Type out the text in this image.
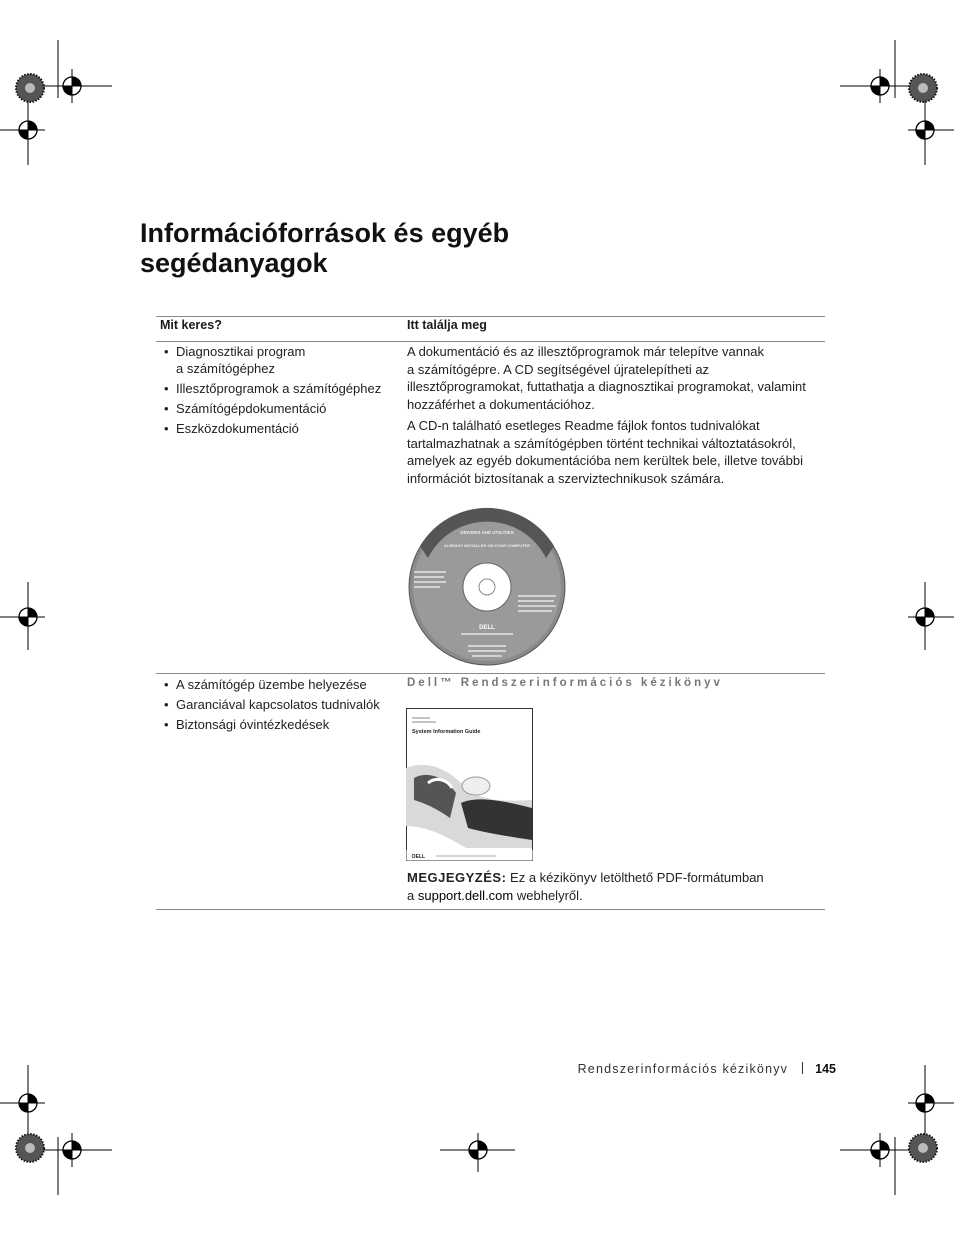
Információforrások és egyéb
segédanyagok
Mit keres?	Itt találja meg
• Diagnosztikai program
a számítógéphez
• Illesztőprogramok a számítógéphez
• Számítógépdokumentáció
• Eszközdokumentáció

A dokumentáció és az illesztőprogramok már telepítve vannak
a számítógépre. A CD segítségével újratelepítheti az
illesztőprogramokat, futtathatja a diagnosztikai programokat, valamint
hozzáférhet a dokumentációhoz.

A CD-n található esetleges Readme fájlok fontos tudnivalókat
tartalmazhatnak a számítógépben történt technikai változtatásokról,
amelyek az egyéb dokumentációba nem kerültek bele, illetve további
információt biztosítanak a szerviztechnikusok számára.

DRIVERS AND UTILITIES
ALREADY INSTALLED ON YOUR COMPUTER
DELL
• A számítógép üzembe helyezése
• Garanciával kapcsolatos tudnivalók
• Biztonsági óvintézkedések
Dell™ Rendszerinformációs kézikönyv
System Information Guide
DELL

MEGJEGYZÉS: Ez a kézikönyv letölthető PDF-formátumban
a support.dell.com webhelyről.

Rendszerinformációs kézikönyv 145
